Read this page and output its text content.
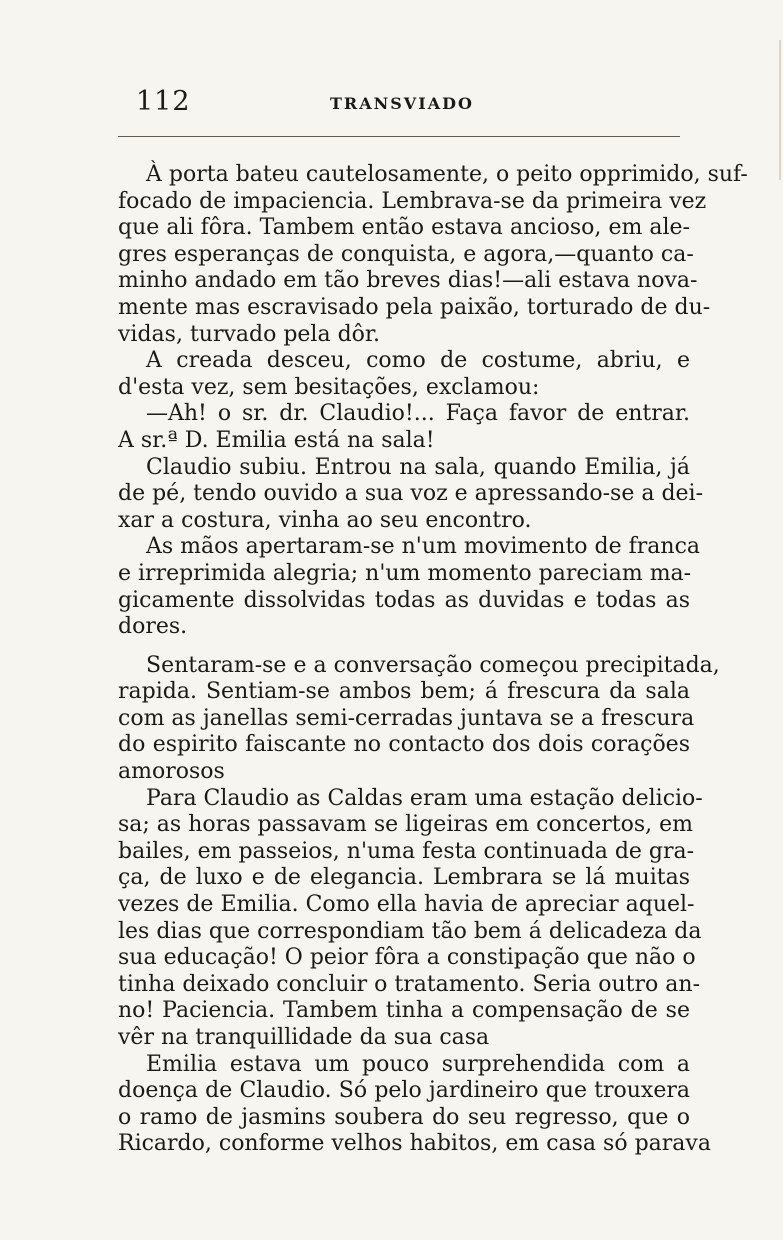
112	TRANSVIADO
À porta bateu cautelosamente, o peito opprimido, suf-
focado de impaciencia. Lembrava-se da primeira vez
que ali fôra. Tambem então estava ancioso, em ale-
gres esperanças de conquista, e agora,—quanto ca-
minho andado em tão breves dias!—ali estava nova-
mente mas escravisado pela paixão, torturado de du-
vidas, turvado pela dôr.
A creada desceu, como de costume, abriu, e
d'esta vez, sem besitações, exclamou:
—Ah! o sr. dr. Claudio!... Faça favor de entrar.
A sr.ª D. Emilia está na sala!
Claudio subiu. Entrou na sala, quando Emilia, já
de pé, tendo ouvido a sua voz e apressando-se a dei-
xar a costura, vinha ao seu encontro.
As mãos apertaram-se n'um movimento de franca
e irreprimida alegria; n'um momento pareciam ma-
gicamente dissolvidas todas as duvidas e todas as
dores.
Sentaram-se e a conversação começou precipitada,
rapida. Sentiam-se ambos bem; á frescura da sala
com as janellas semi-cerradas juntava se a frescura
do espirito faiscante no contacto dos dois corações
amorosos
Para Claudio as Caldas eram uma estação delicio-
sa; as horas passavam se ligeiras em concertos, em
bailes, em passeios, n'uma festa continuada de gra-
ça, de luxo e de elegancia. Lembrara se lá muitas
vezes de Emilia. Como ella havia de apreciar aquel-
les dias que correspondiam tão bem á delicadeza da
sua educação! O peior fôra a constipação que não o
tinha deixado concluir o tratamento. Seria outro an-
no! Paciencia. Tambem tinha a compensação de se
vêr na tranquillidade da sua casa
Emilia estava um pouco surprehendida com a
doença de Claudio. Só pelo jardineiro que trouxera
o ramo de jasmins soubera do seu regresso, que o
Ricardo, conforme velhos habitos, em casa só parava
